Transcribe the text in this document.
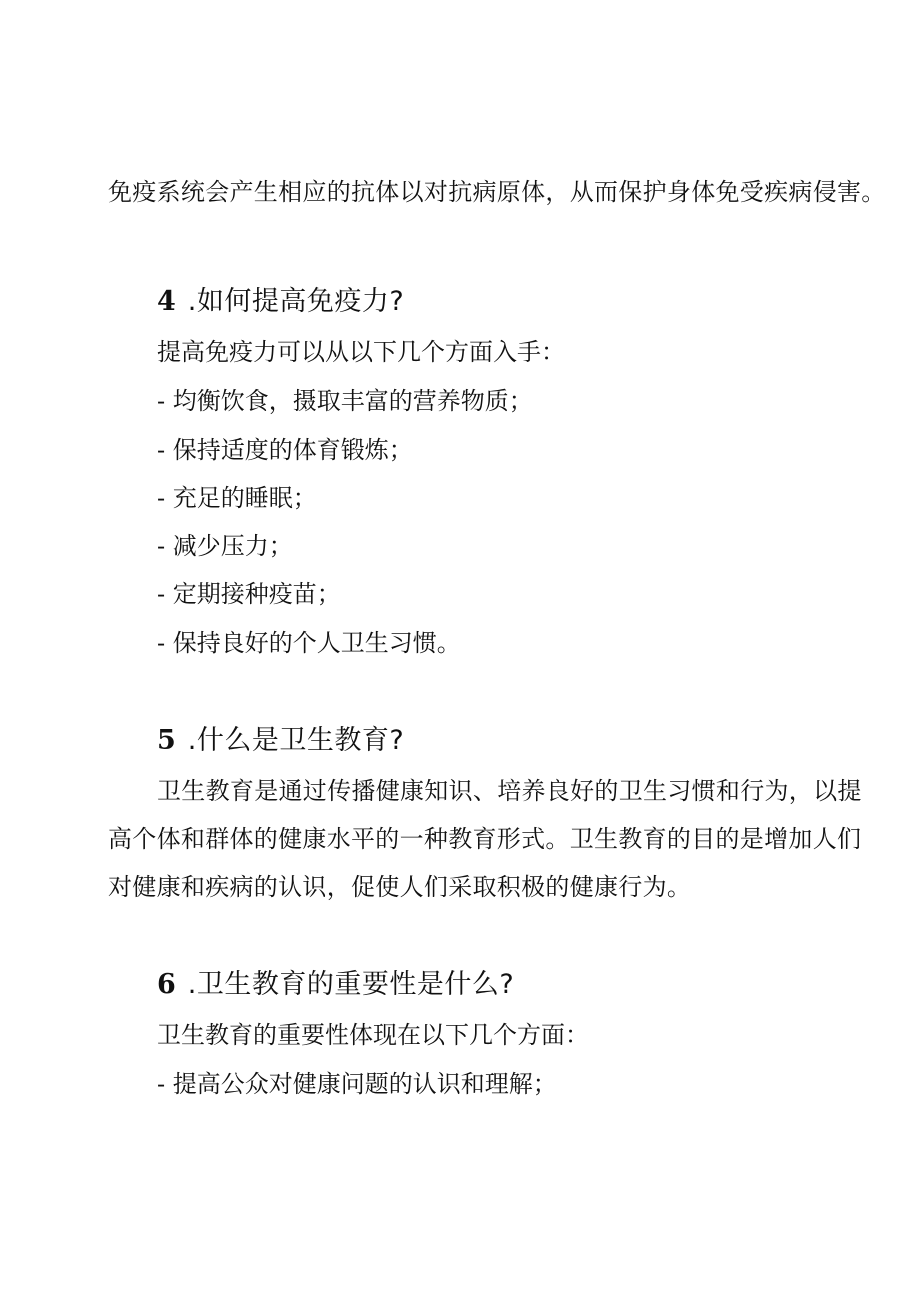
免疫系统会产生相应的抗体以对抗病原体，从而保护身体免受疾病侵害。
4 .如何提高免疫力?
提高免疫力可以从以下几个方面入手：
- 均衡饮食，摄取丰富的营养物质；
- 保持适度的体育锻炼；
- 充足的睡眠；
- 减少压力；
- 定期接种疫苗；
- 保持良好的个人卫生习惯。
5 .什么是卫生教育?
卫生教育是通过传播健康知识、培养良好的卫生习惯和行为，以提
高个体和群体的健康水平的一种教育形式。卫生教育的目的是增加人们
对健康和疾病的认识，促使人们采取积极的健康行为。
6 .卫生教育的重要性是什么?
卫生教育的重要性体现在以下几个方面：
- 提高公众对健康问题的认识和理解；
